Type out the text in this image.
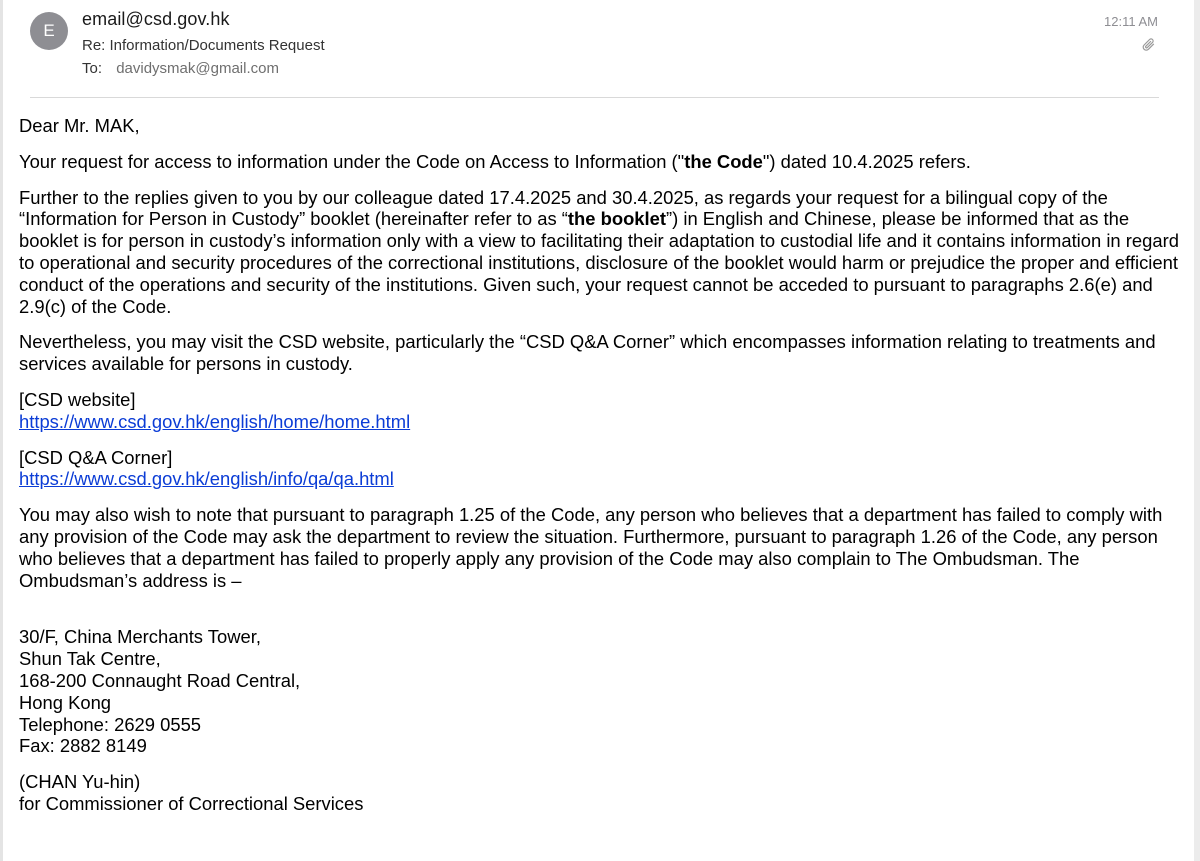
E
email@csd.gov.hk
Re: Information/Documents Request
To: davidysmak@gmail.com
12:11 AM

Dear Mr. MAK,

Your request for access to information under the Code on Access to Information ("the Code") dated 10.4.2025 refers.

Further to the replies given to you by our colleague dated 17.4.2025 and 30.4.2025, as regards your request for a bilingual copy of the “Information for Person in Custody” booklet (hereinafter refer to as “the booklet”) in English and Chinese, please be informed that as the booklet is for person in custody’s information only with a view to facilitating their adaptation to custodial life and it contains information in regard to operational and security procedures of the correctional institutions, disclosure of the booklet would harm or prejudice the proper and efficient conduct of the operations and security of the institutions. Given such, your request cannot be acceded to pursuant to paragraphs 2.6(e) and 2.9(c) of the Code.

Nevertheless, you may visit the CSD website, particularly the “CSD Q&A Corner” which encompasses information relating to treatments and services available for persons in custody.

[CSD website]
https://www.csd.gov.hk/english/home/home.html

[CSD Q&A Corner]
https://www.csd.gov.hk/english/info/qa/qa.html

You may also wish to note that pursuant to paragraph 1.25 of the Code, any person who believes that a department has failed to comply with any provision of the Code may ask the department to review the situation. Furthermore, pursuant to paragraph 1.26 of the Code, any person who believes that a department has failed to properly apply any provision of the Code may also complain to The Ombudsman. The Ombudsman’s address is –

30/F, China Merchants Tower,
Shun Tak Centre,
168-200 Connaught Road Central,
Hong Kong
Telephone: 2629 0555
Fax: 2882 8149

(CHAN Yu-hin)
for Commissioner of Correctional Services
